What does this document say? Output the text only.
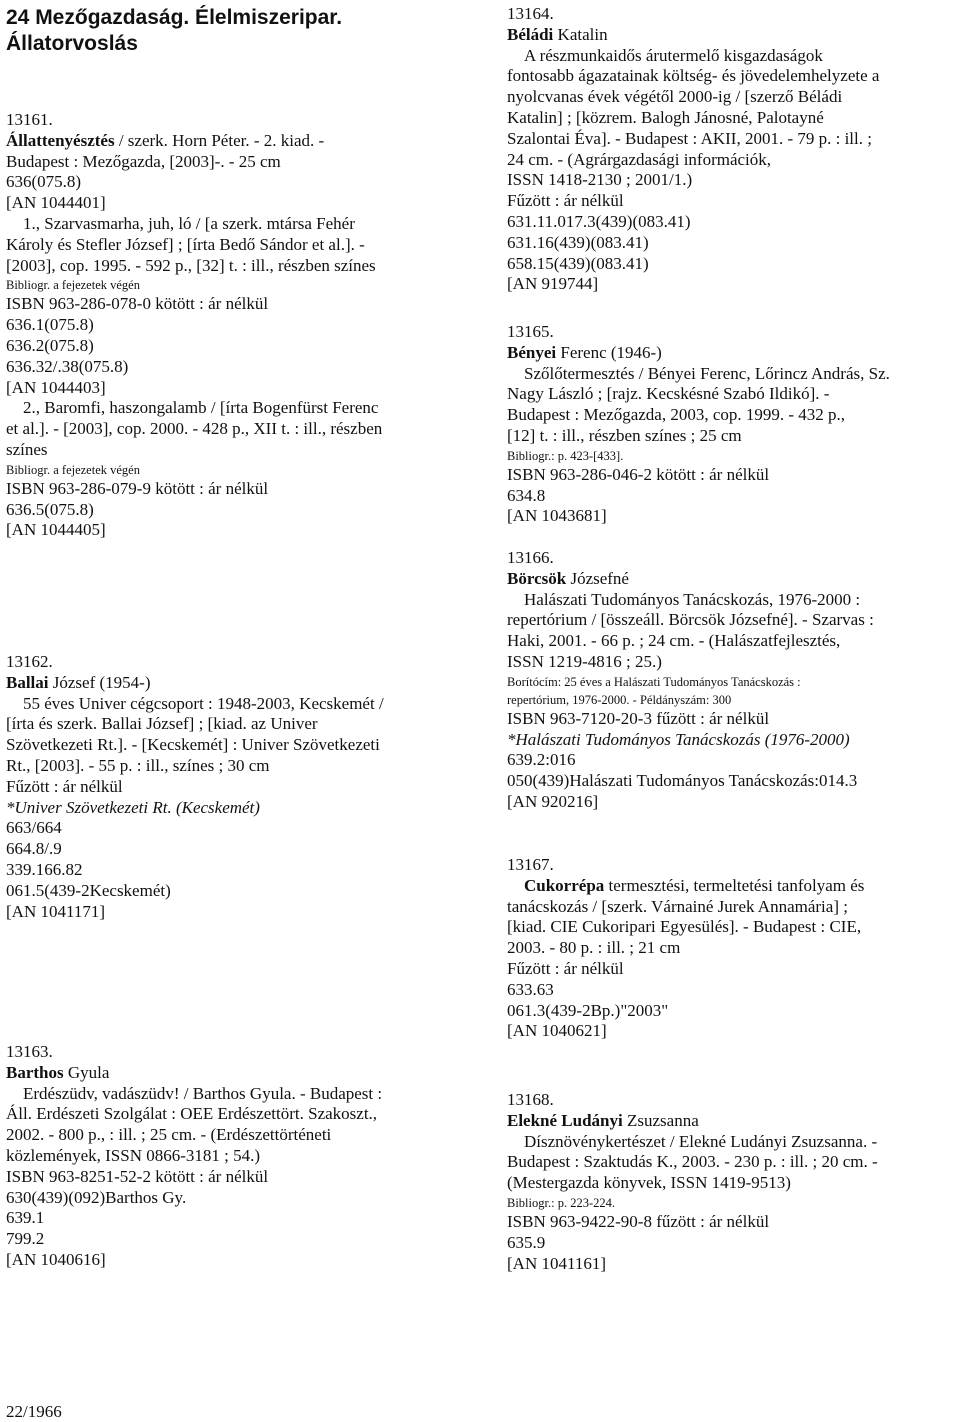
24 Mezőgazdaság. Élelmiszeripar.
Állatorvoslás
13161.
Állattenyésztés / szerk. Horn Péter. - 2. kiad. -
Budapest : Mezőgazda, [2003]-. - 25 cm
636(075.8)
[AN 1044401]
1., Szarvasmarha, juh, ló / [a szerk. mtársa Fehér
Károly és Stefler József] ; [írta Bedő Sándor et al.]. -
[2003], cop. 1995. - 592 p., [32] t. : ill., részben színes
Bibliogr. a fejezetek végén
ISBN 963-286-078-0 kötött : ár nélkül
636.1(075.8)
636.2(075.8)
636.32/.38(075.8)
[AN 1044403]
2., Baromfi, haszongalamb / [írta Bogenfürst Ferenc
et al.]. - [2003], cop. 2000. - 428 p., XII t. : ill., részben
színes
Bibliogr. a fejezetek végén
ISBN 963-286-079-9 kötött : ár nélkül
636.5(075.8)
[AN 1044405]
13162.
Ballai József (1954-)
55 éves Univer cégcsoport : 1948-2003, Kecskemét /
[írta és szerk. Ballai József] ; [kiad. az Univer
Szövetkezeti Rt.]. - [Kecskemét] : Univer Szövetkezeti
Rt., [2003]. - 55 p. : ill., színes ; 30 cm
Fűzött : ár nélkül
*Univer Szövetkezeti Rt. (Kecskemét)
663/664
664.8/.9
339.166.82
061.5(439-2Kecskemét)
[AN 1041171]
13163.
Barthos Gyula
Erdészüdv, vadászüdv! / Barthos Gyula. - Budapest :
Áll. Erdészeti Szolgálat : OEE Erdészettört. Szakoszt.,
2002. - 800 p., : ill. ; 25 cm. - (Erdészettörténeti
közlemények, ISSN 0866-3181 ; 54.)
ISBN 963-8251-52-2 kötött : ár nélkül
630(439)(092)Barthos Gy.
639.1
799.2
[AN 1040616]
13164.
Béládi Katalin
A részmunkaidős árutermelő kisgazdaságok
fontosabb ágazatainak költség- és jövedelemhelyzete a
nyolcvanas évek végétől 2000-ig / [szerző Béládi
Katalin] ; [közrem. Balogh Jánosné, Palotayné
Szalontai Éva]. - Budapest : AKII, 2001. - 79 p. : ill. ;
24 cm. - (Agrárgazdasági információk,
ISSN 1418-2130 ; 2001/1.)
Fűzött : ár nélkül
631.11.017.3(439)(083.41)
631.16(439)(083.41)
658.15(439)(083.41)
[AN 919744]
13165.
Bényei Ferenc (1946-)
Szőlőtermesztés / Bényei Ferenc, Lőrincz András, Sz.
Nagy László ; [rajz. Kecskésné Szabó Ildikó]. -
Budapest : Mezőgazda, 2003, cop. 1999. - 432 p.,
[12] t. : ill., részben színes ; 25 cm
Bibliogr.: p. 423-[433].
ISBN 963-286-046-2 kötött : ár nélkül
634.8
[AN 1043681]
13166.
Börcsök Józsefné
Halászati Tudományos Tanácskozás, 1976-2000 :
repertórium / [összeáll. Börcsök Józsefné]. - Szarvas :
Haki, 2001. - 66 p. ; 24 cm. - (Halászatfejlesztés,
ISSN 1219-4816 ; 25.)
Borítócím: 25 éves a Halászati Tudományos Tanácskozás :
repertórium, 1976-2000. - Példányszám: 300
ISBN 963-7120-20-3 fűzött : ár nélkül
*Halászati Tudományos Tanácskozás (1976-2000)
639.2:016
050(439)Halászati Tudományos Tanácskozás:014.3
[AN 920216]
13167.
Cukorrépa termesztési, termeltetési tanfolyam és
tanácskozás / [szerk. Várnainé Jurek Annamária] ;
[kiad. CIE Cukoripari Egyesülés]. - Budapest : CIE,
2003. - 80 p. : ill. ; 21 cm
Fűzött : ár nélkül
633.63
061.3(439-2Bp.)"2003"
[AN 1040621]
13168.
Elekné Ludányi Zsuzsanna
Dísznövénykertészet / Elekné Ludányi Zsuzsanna. -
Budapest : Szaktudás K., 2003. - 230 p. : ill. ; 20 cm. -
(Mestergazda könyvek, ISSN 1419-9513)
Bibliogr.: p. 223-224.
ISBN 963-9422-90-8 fűzött : ár nélkül
635.9
[AN 1041161]
22/1966
